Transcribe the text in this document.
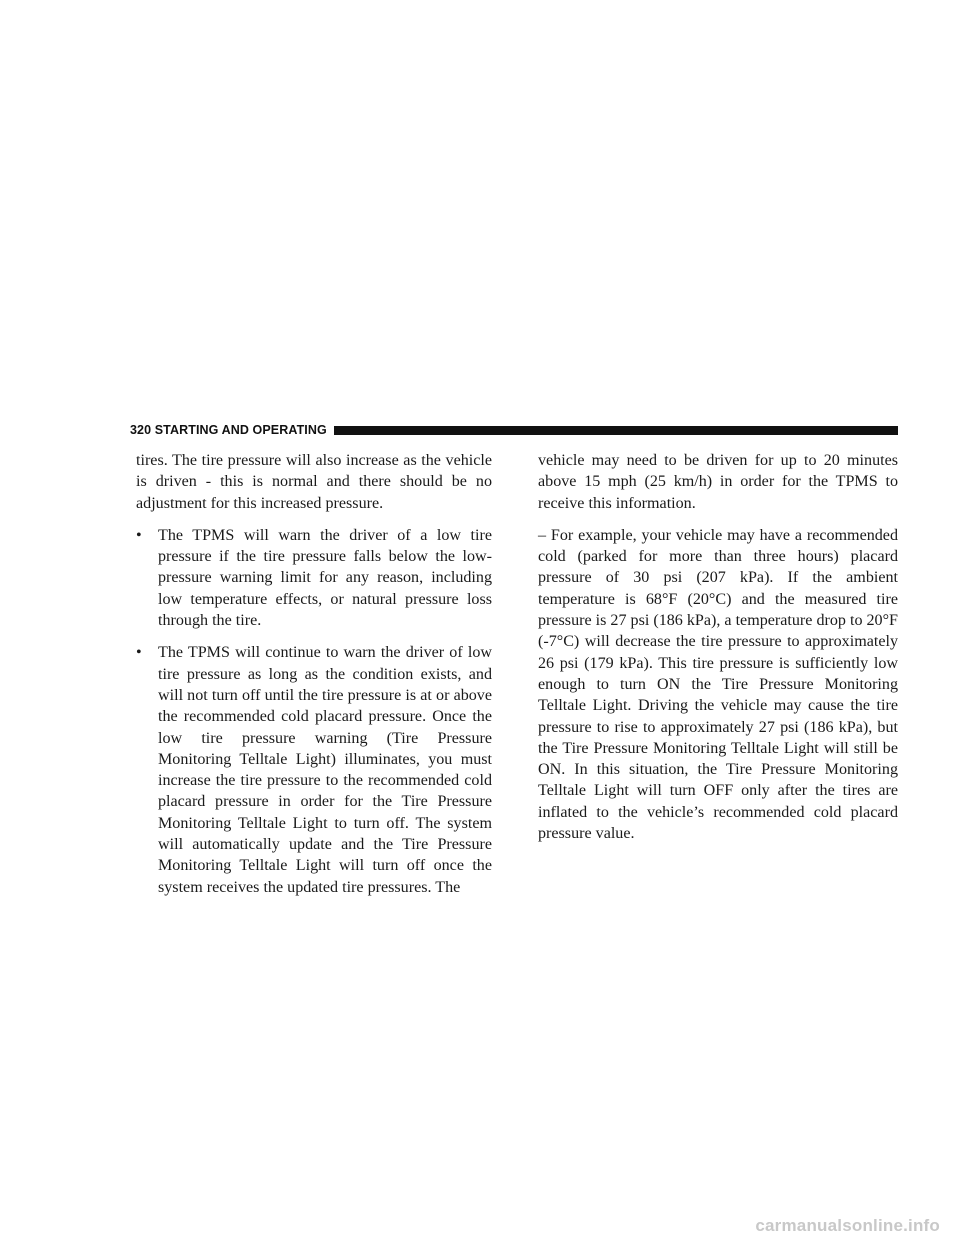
320 STARTING AND OPERATING

tires. The tire pressure will also increase as the vehicle is driven - this is normal and there should be no adjustment for this increased pressure.

•	The TPMS will warn the driver of a low tire pressure if the tire pressure falls below the low-pressure warning limit for any reason, including low temperature effects, or natural pressure loss through the tire.
•	The TPMS will continue to warn the driver of low tire pressure as long as the condition exists, and will not turn off until the tire pressure is at or above the recommended cold placard pressure. Once the low tire pressure warning (Tire Pressure Monitoring Telltale Light) illuminates, you must increase the tire pressure to the recommended cold placard pressure in order for the Tire Pressure Monitoring Telltale Light to turn off. The system will automatically update and the Tire Pressure Monitoring Telltale Light will turn off once the system receives the updated tire pressures. The

vehicle may need to be driven for up to 20 minutes above 15 mph (25 km/h) in order for the TPMS to receive this information.

– For example, your vehicle may have a recommended cold (parked for more than three hours) placard pressure of 30 psi (207 kPa). If the ambient temperature is 68°F (20°C) and the measured tire pressure is 27 psi (186 kPa), a temperature drop to 20°F (-7°C) will decrease the tire pressure to approximately 26 psi (179 kPa). This tire pressure is sufficiently low enough to turn ON the Tire Pressure Monitoring Telltale Light. Driving the vehicle may cause the tire pressure to rise to approximately 27 psi (186 kPa), but the Tire Pressure Monitoring Telltale Light will still be ON. In this situation, the Tire Pressure Monitoring Telltale Light will turn OFF only after the tires are inflated to the vehicle’s recommended cold placard pressure value.

carmanualsonline.info
